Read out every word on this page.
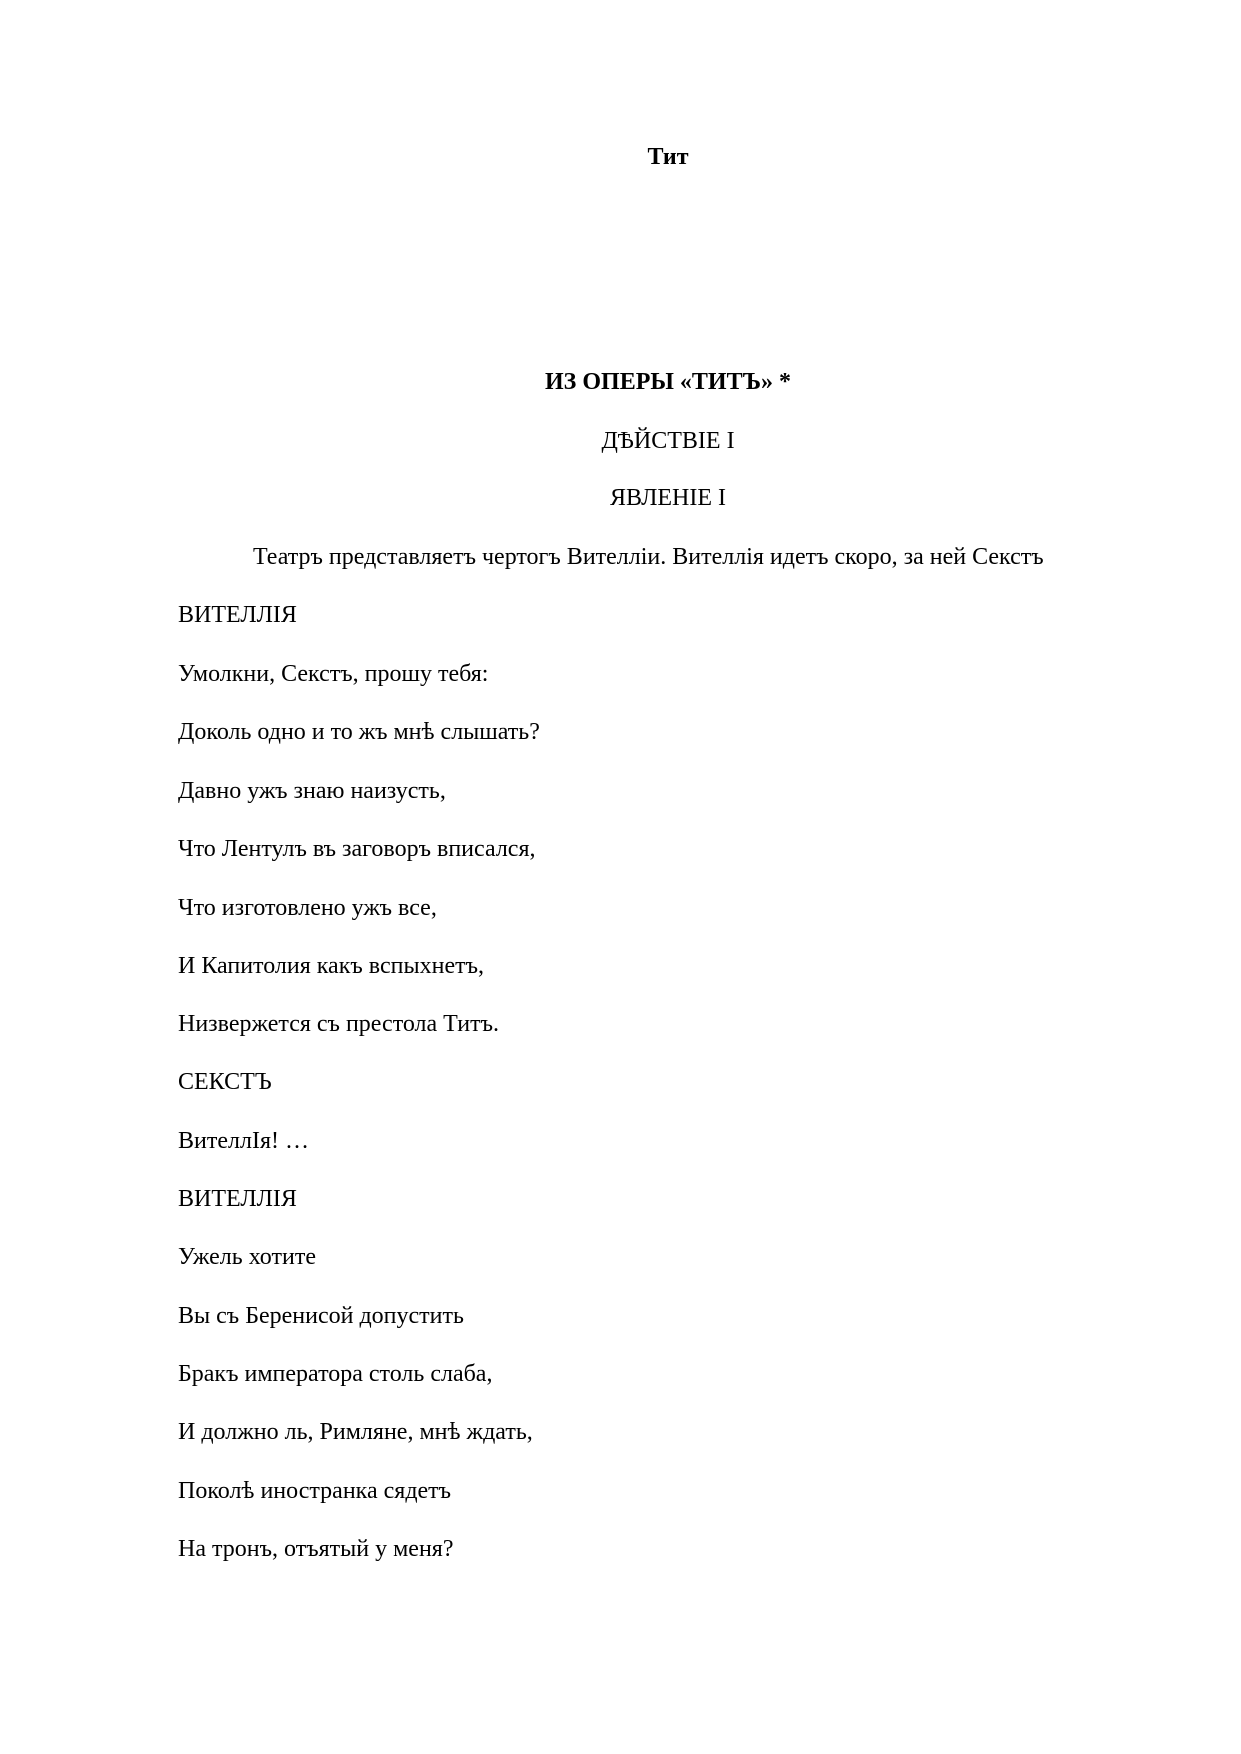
Тит
ИЗ ОПЕРЫ «ТИТЪ» *
ДѢЙСТВІЕ I
ЯВЛЕНІЕ I
Театръ представляетъ чертогъ Вителліи. Вителлія идетъ скоро, за ней Секстъ
ВИТЕЛЛІЯ
Умолкни, Секстъ, прошу тебя:
Доколь одно и то жъ мнѣ слышать?
Давно ужъ знаю наизусть,
Что Лентулъ въ заговоръ вписался,
Что изготовлено ужъ все,
И Капитолия какъ вспыхнетъ,
Низвержется съ престола Титъ.
СЕКСТЪ
ВителлІя! …
ВИТЕЛЛІЯ
Ужель хотите
Вы съ Беренисой допустить
Бракъ императора столь слаба,
И должно ль, Римляне, мнѣ ждать,
Поколѣ иностранка сядетъ
На тронъ, отъятый у меня?
